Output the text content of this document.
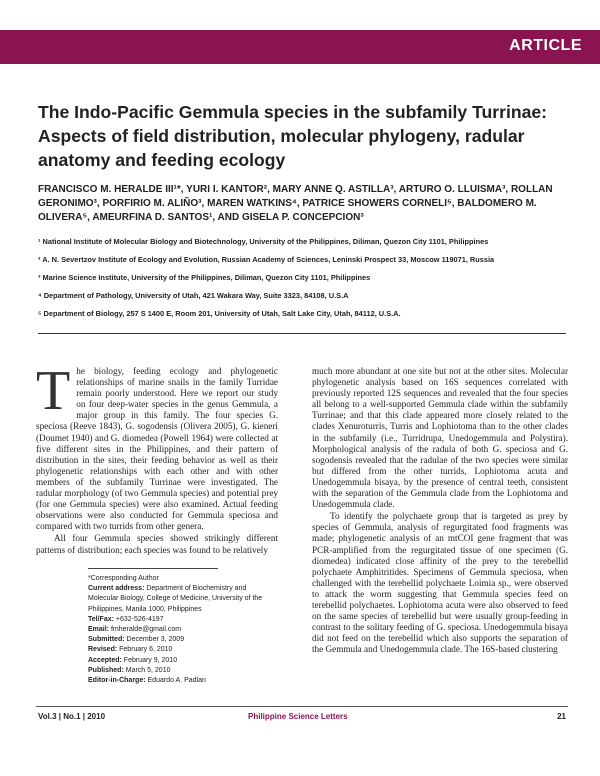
ARTICLE
The Indo-Pacific Gemmula species in the subfamily Turrinae: Aspects of field distribution, molecular phylogeny, radular anatomy and feeding ecology
FRANCISCO M. HERALDE III¹*, YURI I. KANTOR², MARY ANNE Q. ASTILLA³, ARTURO O. LLUISMA³, ROLLAN GERONIMO³, PORFIRIO M. ALIÑO³, MAREN WATKINS⁴, PATRICE SHOWERS CORNELI⁵, BALDOMERO M. OLIVERA⁵, AMEURFINA D. SANTOS¹, AND GISELA P. CONCEPCION³
¹ National Institute of Molecular Biology and Biotechnology, University of the Philippines, Diliman, Quezon City 1101, Philippines
² A. N. Severtzov Institute of Ecology and Evolution, Russian Academy of Sciences, Leninski Prospect 33, Moscow 119071, Russia
³ Marine Science Institute, University of the Philippines, Diliman, Quezon City 1101, Philippines
⁴ Department of Pathology, University of Utah, 421 Wakara Way, Suite 3323, 84108, U.S.A
⁵ Department of Biology, 257 S 1400 E, Room 201, University of Utah, Salt Lake City, Utah, 84112, U.S.A.
T he biology, feeding ecology and phylogenetic relationships of marine snails in the family Turridae remain poorly understood. Here we report our study on four deep-water species in the genus Gemmula, a major group in this family. The four species G. speciosa (Reeve 1843), G. sogodensis (Olivera 2005), G. kieneri (Doumet 1940) and G. diomedea (Powell 1964) were collected at five different sites in the Philippines, and their pattern of distribution in the sites, their feeding behavior as well as their phylogenetic relationships with each other and with other members of the subfamily Turrinae were investigated. The radular morphology (of two Gemmula species) and potential prey (for one Gemmula species) were also examined. Actual feeding observations were also conducted for Gemmula speciosa and compared with two turrids from other genera.

All four Gemmula species showed strikingly different patterns of distribution; each species was found to be relatively

*Corresponding Author
Current address: Department of Biochemistry and Molecular Biology, College of Medicine, University of the Philippines, Manila 1000, Philippines
Tel/Fax: +632-526-4197
Email: fmheralde@gmail.com
Submitted: December 3, 2009
Revised: February 6, 2010
Accepted: February 9, 2010
Published: March 5, 2010
Editor-in-Charge: Eduardo A. Padlan

much more abundant at one site but not at the other sites. Molecular phylogenetic analysis based on 16S sequences correlated with previously reported 12S sequences and revealed that the four species all belong to a well-supported Gemmula clade within the subfamily Turrinae; and that this clade appeared more closely related to the clades Xenuroturris, Turris and Lophiotoma than to the other clades in the subfamily (i.e., Turridrupa, Unedogemmula and Polystira). Morphological analysis of the radula of both G. speciosa and G. sogodensis revealed that the radulae of the two species were similar but differed from the other turrids, Lophiotoma acuta and Unedogemmula bisaya, by the presence of central teeth, consistent with the separation of the Gemmula clade from the Lophiotoma and Unedogemmula clade.

To identify the polychaete group that is targeted as prey by species of Gemmula, analysis of regurgitated food fragments was made; phylogenetic analysis of an mtCOI gene fragment that was PCR-amplified from the regurgitated tissue of one specimen (G. diomedea) indicated close affinity of the prey to the terebellid polychaete Amphitritides. Specimens of Gemmula speciosa, when challenged with the terebellid polychaete Loimia sp., were observed to attack the worm suggesting that Gemmula species feed on terebellid polychaetes. Lophiotoma acuta were also observed to feed on the same species of terebellid but were usually group-feeding in contrast to the solitary feeding of G. speciosa. Unedogemmula bisaya did not feed on the terebellid which also supports the separation of the Gemmula and Unedogemmula clade. The 16S-based clustering

Vol.3 | No.1 | 2010	Philippine Science Letters	21
